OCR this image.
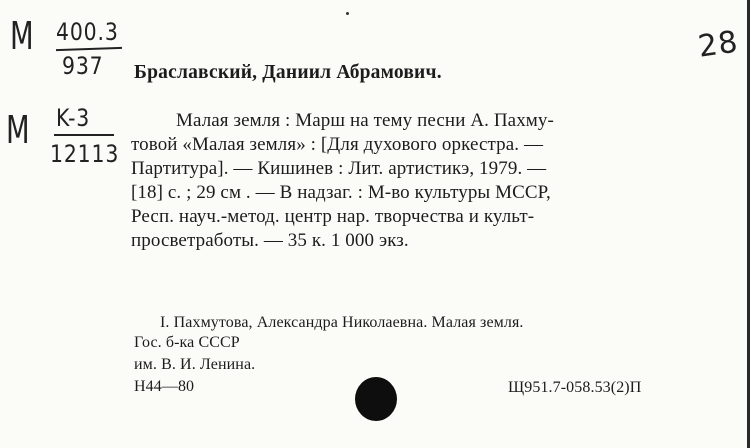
M 400.3
937
M K-3
12113
28
Браславский, Даниил Абрамович.
Малая земля : Марш на тему песни А. Пахму-
товой «Малая земля» : [Для духового оркестра. —
Партитура]. — Кишинев : Лит. артистикэ, 1979. —
[18] с. ; 29 см . — В надзаг. : М-во культуры МССР,
Респ. науч.-метод. центр нар. творчества и культ-
просветработы. — 35 к. 1 000 экз.
I. Пахмутова, Александра Николаевна. Малая земля.
Гос. б-ка СССР
им. В. И. Ленина.
Н44—80	Щ951.7-058.53(2)П
